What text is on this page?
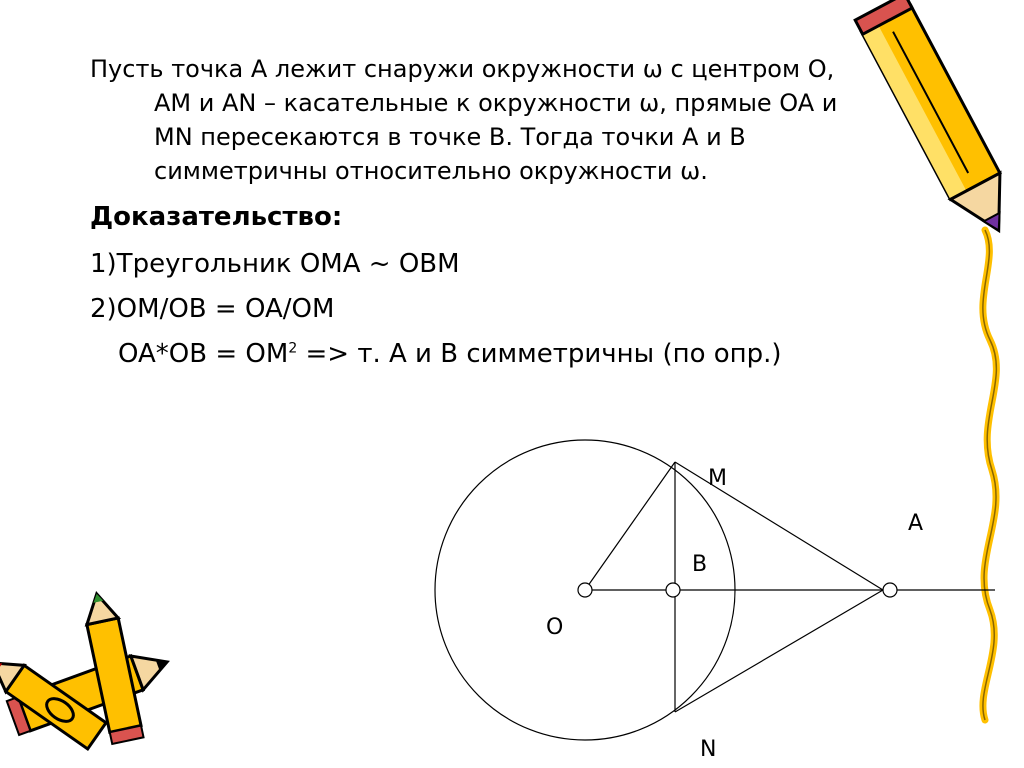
Пусть точка A лежит снаружи окружности ω с центром O,
AM и AN – касательные к окружности ω, прямые OA и
MN пересекаются в точке B. Тогда точки A и B
симметричны относительно окружности ω.
Доказательство:
1)Треугольник OMA ~ OBM
2)OM/OB = OA/OM
$OA*OB = OM^2 => т$. A и B симметричны (по опр.)
M
A
B
O
N
